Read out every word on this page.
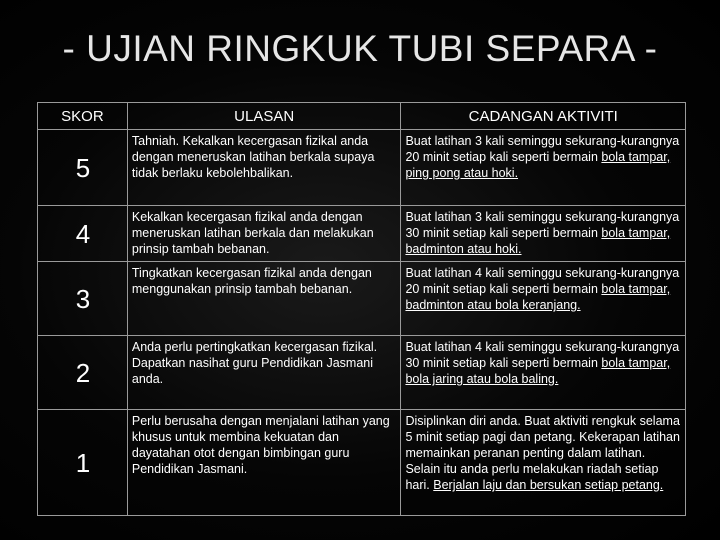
- UJIAN RINGKUK TUBI SEPARA -
SKOR	ULASAN	CADANGAN AKTIVITI
5	Tahniah. Kekalkan kecergasan fizikal anda dengan meneruskan latihan berkala supaya tidak berlaku kebolehbalikan.	Buat latihan 3 kali seminggu sekurang-kurangnya 20 minit setiap kali seperti bermain bola tampar, ping pong atau hoki.
4	Kekalkan kecergasan fizikal anda dengan meneruskan latihan berkala dan melakukan prinsip tambah bebanan.	Buat latihan 3 kali seminggu sekurang-kurangnya 30 minit setiap kali seperti bermain bola tampar, badminton atau hoki.
3	Tingkatkan kecergasan fizikal anda dengan menggunakan prinsip tambah bebanan.	Buat latihan 4 kali seminggu sekurang-kurangnya 20 minit setiap kali seperti bermain bola tampar, badminton atau bola keranjang.
2	Anda perlu pertingkatkan kecergasan fizikal. Dapatkan nasihat guru Pendidikan Jasmani anda.	Buat latihan 4 kali seminggu sekurang-kurangnya 30 minit setiap kali seperti bermain bola tampar, bola jaring atau bola baling.
1	Perlu berusaha dengan menjalani latihan yang khusus untuk membina kekuatan dan dayatahan otot dengan bimbingan guru Pendidikan Jasmani.	Disiplinkan diri anda. Buat aktiviti rengkuk selama 5 minit setiap pagi dan petang. Kekerapan latihan memainkan peranan penting dalam latihan. Selain itu anda perlu melakukan riadah setiap hari. Berjalan laju dan bersukan setiap petang.
